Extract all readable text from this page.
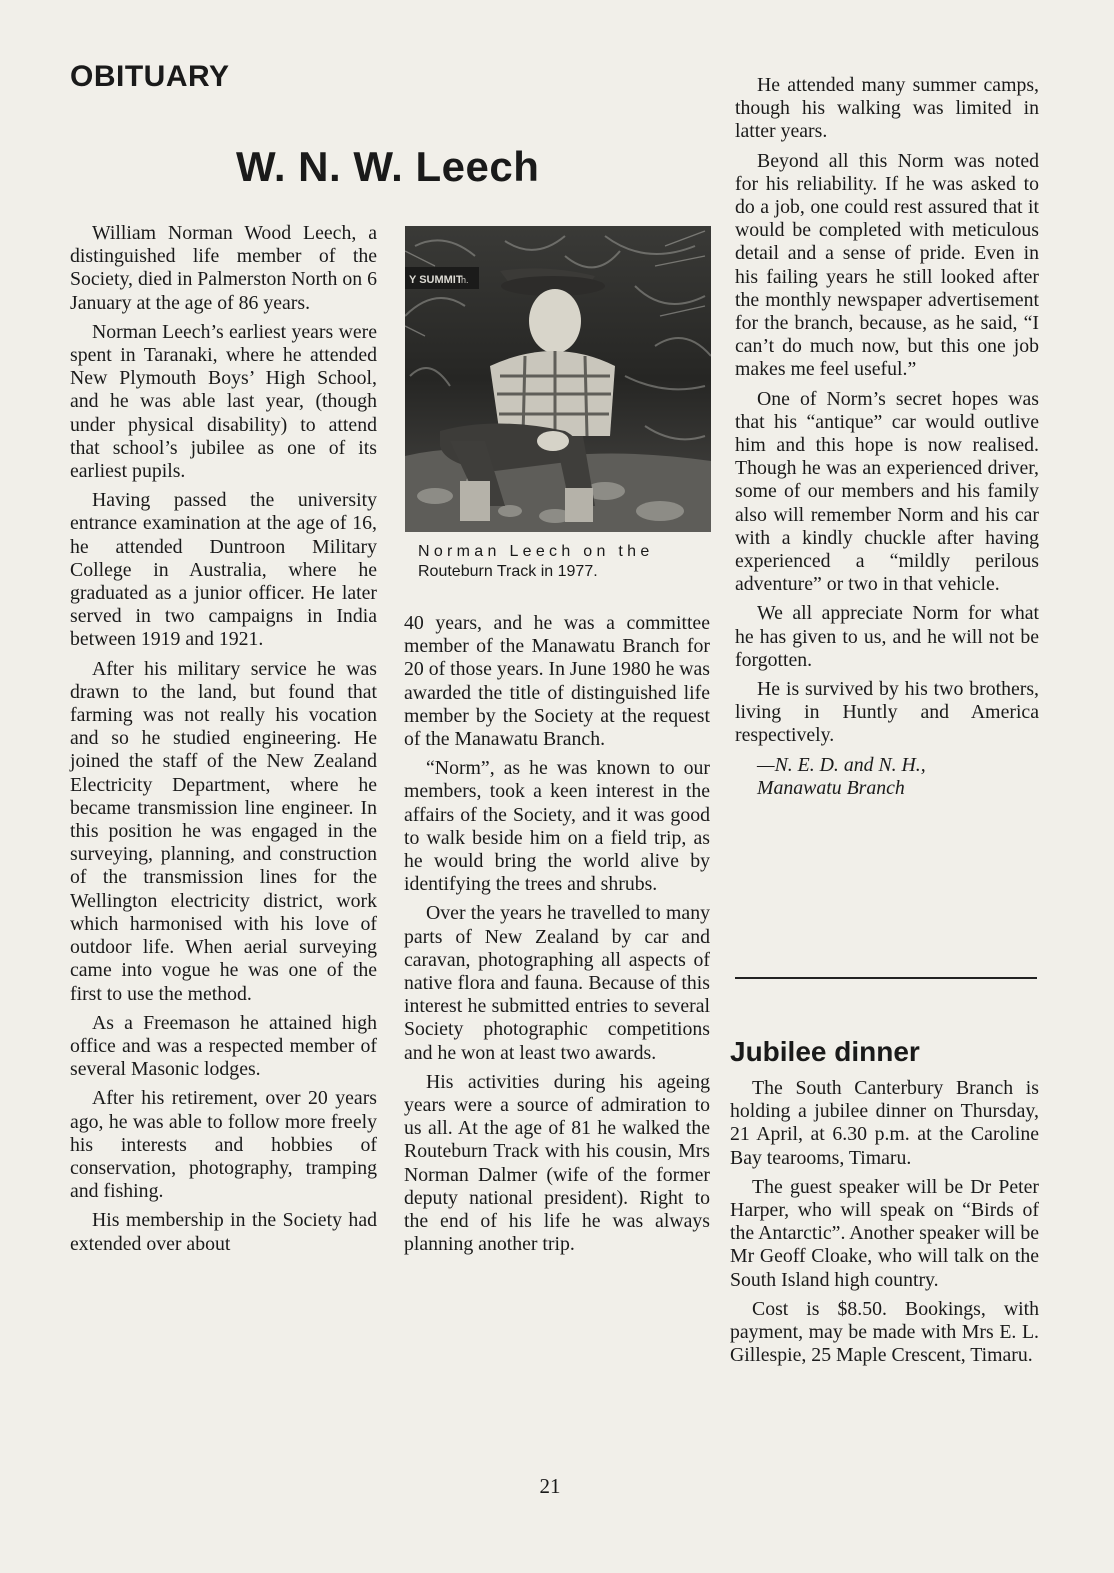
OBITUARY
W. N. W. Leech

William Norman Wood Leech, a distinguished life member of the Society, died in Palmerston North on 6 January at the age of 86 years.

Norman Leech’s earliest years were spent in Taranaki, where he attended New Plymouth Boys’ High School, and he was able last year, (though under physical disability) to attend that school’s jubilee as one of its earliest pupils.

Having passed the university entrance examination at the age of 16, he attended Duntroon Military College in Australia, where he graduated as a junior officer. He later served in two campaigns in India between 1919 and 1921.

After his military service he was drawn to the land, but found that farming was not really his vocation and so he studied engineering. He joined the staff of the New Zealand Electricity Department, where he became transmission line engineer. In this position he was engaged in the surveying, planning, and construction of the transmission lines for the Wellington electricity district, work which harmonised with his love of outdoor life. When aerial surveying came into vogue he was one of the first to use the method.

As a Freemason he attained high office and was a respected member of several Masonic lodges.

After his retirement, over 20 years ago, he was able to follow more freely his interests and hobbies of conservation, photography, tramping and fishing.

His membership in the Society had extended over about

Y SUMMIT
h.
Norman Leech on the
Routeburn Track in 1977.

40 years, and he was a committee member of the Manawatu Branch for 20 of those years. In June 1980 he was awarded the title of distinguished life member by the Society at the request of the Manawatu Branch.

“Norm”, as he was known to our members, took a keen interest in the affairs of the Society, and it was good to walk beside him on a field trip, as he would bring the world alive by identifying the trees and shrubs.

Over the years he travelled to many parts of New Zealand by car and caravan, photographing all aspects of native flora and fauna. Because of this interest he submitted entries to several Society photographic competitions and he won at least two awards.

His activities during his ageing years were a source of admiration to us all. At the age of 81 he walked the Routeburn Track with his cousin, Mrs Norman Dalmer (wife of the former deputy national president). Right to the end of his life he was always planning another trip.

He attended many summer camps, though his walking was limited in latter years.

Beyond all this Norm was noted for his reliability. If he was asked to do a job, one could rest assured that it would be completed with meticulous detail and a sense of pride. Even in his failing years he still looked after the monthly newspaper advertisement for the branch, because, as he said, “I can’t do much now, but this one job makes me feel useful.”

One of Norm’s secret hopes was that his “antique” car would outlive him and this hope is now realised. Though he was an experienced driver, some of our members and his family also will remember Norm and his car with a kindly chuckle after having experienced a “mildly perilous adventure” or two in that vehicle.

We all appreciate Norm for what he has given to us, and he will not be forgotten.

He is survived by his two brothers, living in Huntly and America respectively.

—N. E. D. and N. H.,
Manawatu Branch

Jubilee dinner

The South Canterbury Branch is holding a jubilee dinner on Thursday, 21 April, at 6.30 p.m. at the Caroline Bay tearooms, Timaru.

The guest speaker will be Dr Peter Harper, who will speak on “Birds of the Antarctic”. Another speaker will be Mr Geoff Cloake, who will talk on the South Island high country.

Cost is $8.50. Bookings, with payment, may be made with Mrs E. L. Gillespie, 25 Maple Crescent, Timaru.

21
